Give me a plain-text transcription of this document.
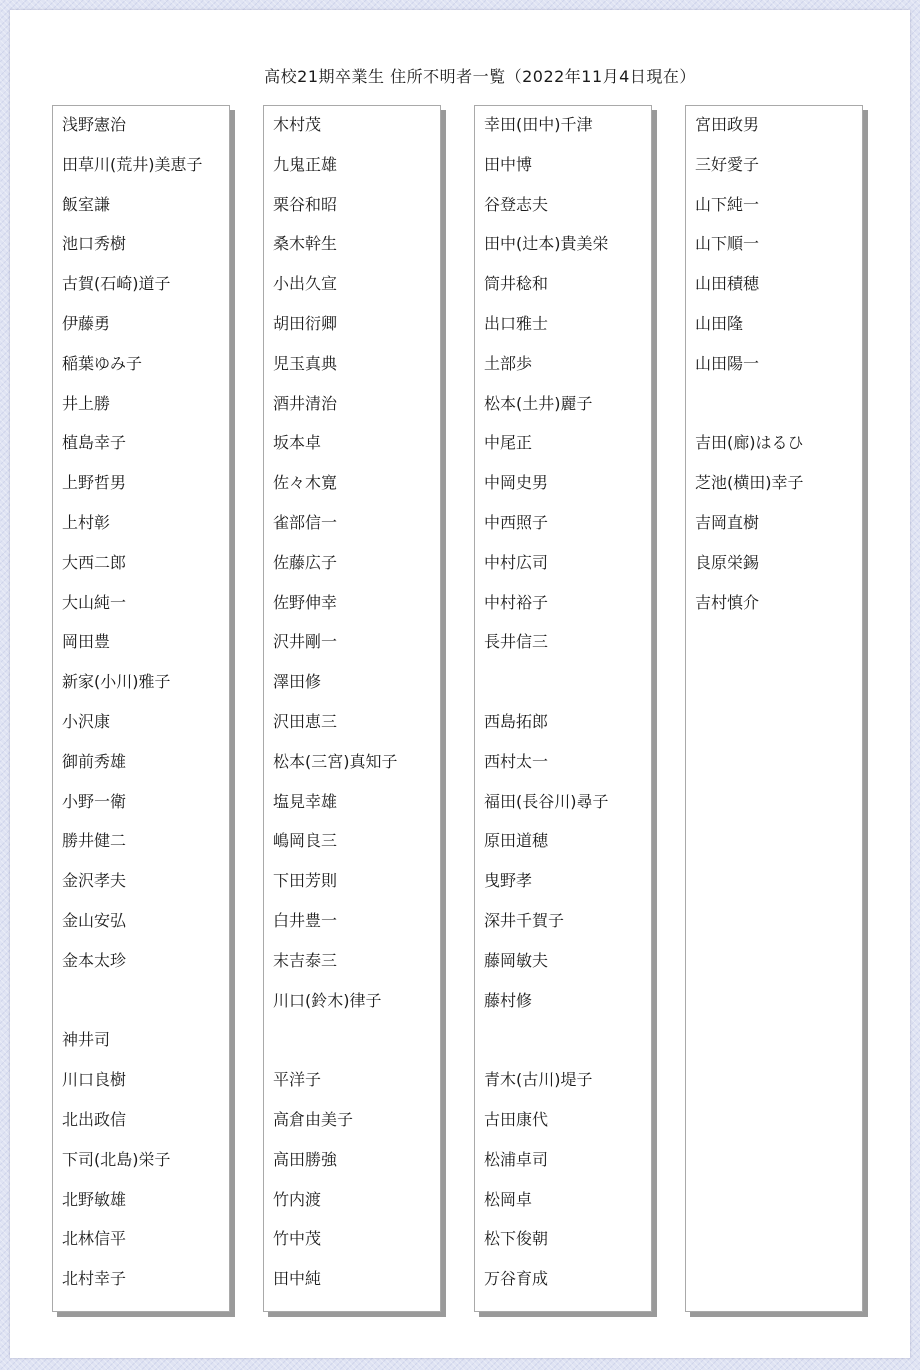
高校21期卒業生 住所不明者一覧（2022年11月4日現在）
浅野憲治
田草川(荒井)美恵子
飯室謙
池口秀樹
古賀(石崎)道子
伊藤勇
稲葉ゆみ子
井上勝
植島幸子
上野哲男
上村彰
大西二郎
大山純一
岡田豊
新家(小川)雅子
小沢康
御前秀雄
小野一衛
勝井健二
金沢孝夫
金山安弘
金本太珍
神井司
川口良樹
北出政信
下司(北島)栄子
北野敏雄
北林信平
北村幸子
木村茂
九鬼正雄
栗谷和昭
桑木幹生
小出久宣
胡田衍卿
児玉真典
酒井清治
坂本卓
佐々木寛
雀部信一
佐藤広子
佐野伸幸
沢井剛一
澤田修
沢田恵三
松本(三宮)真知子
塩見幸雄
嶋岡良三
下田芳則
白井豊一
末吉泰三
川口(鈴木)律子
平洋子
高倉由美子
高田勝強
竹内渡
竹中茂
田中純
幸田(田中)千津
田中博
谷登志夫
田中(辻本)貴美栄
筒井稔和
出口雅士
土部歩
松本(土井)麗子
中尾正
中岡史男
中西照子
中村広司
中村裕子
長井信三
西島拓郎
西村太一
福田(長谷川)尋子
原田道穂
曳野孝
深井千賀子
藤岡敏夫
藤村修
青木(古川)堤子
古田康代
松浦卓司
松岡卓
松下俊朝
万谷育成
宮田政男
三好愛子
山下純一
山下順一
山田積穂
山田隆
山田陽一
吉田(廊)はるひ
芝池(横田)幸子
吉岡直樹
良原栄錫
吉村慎介
